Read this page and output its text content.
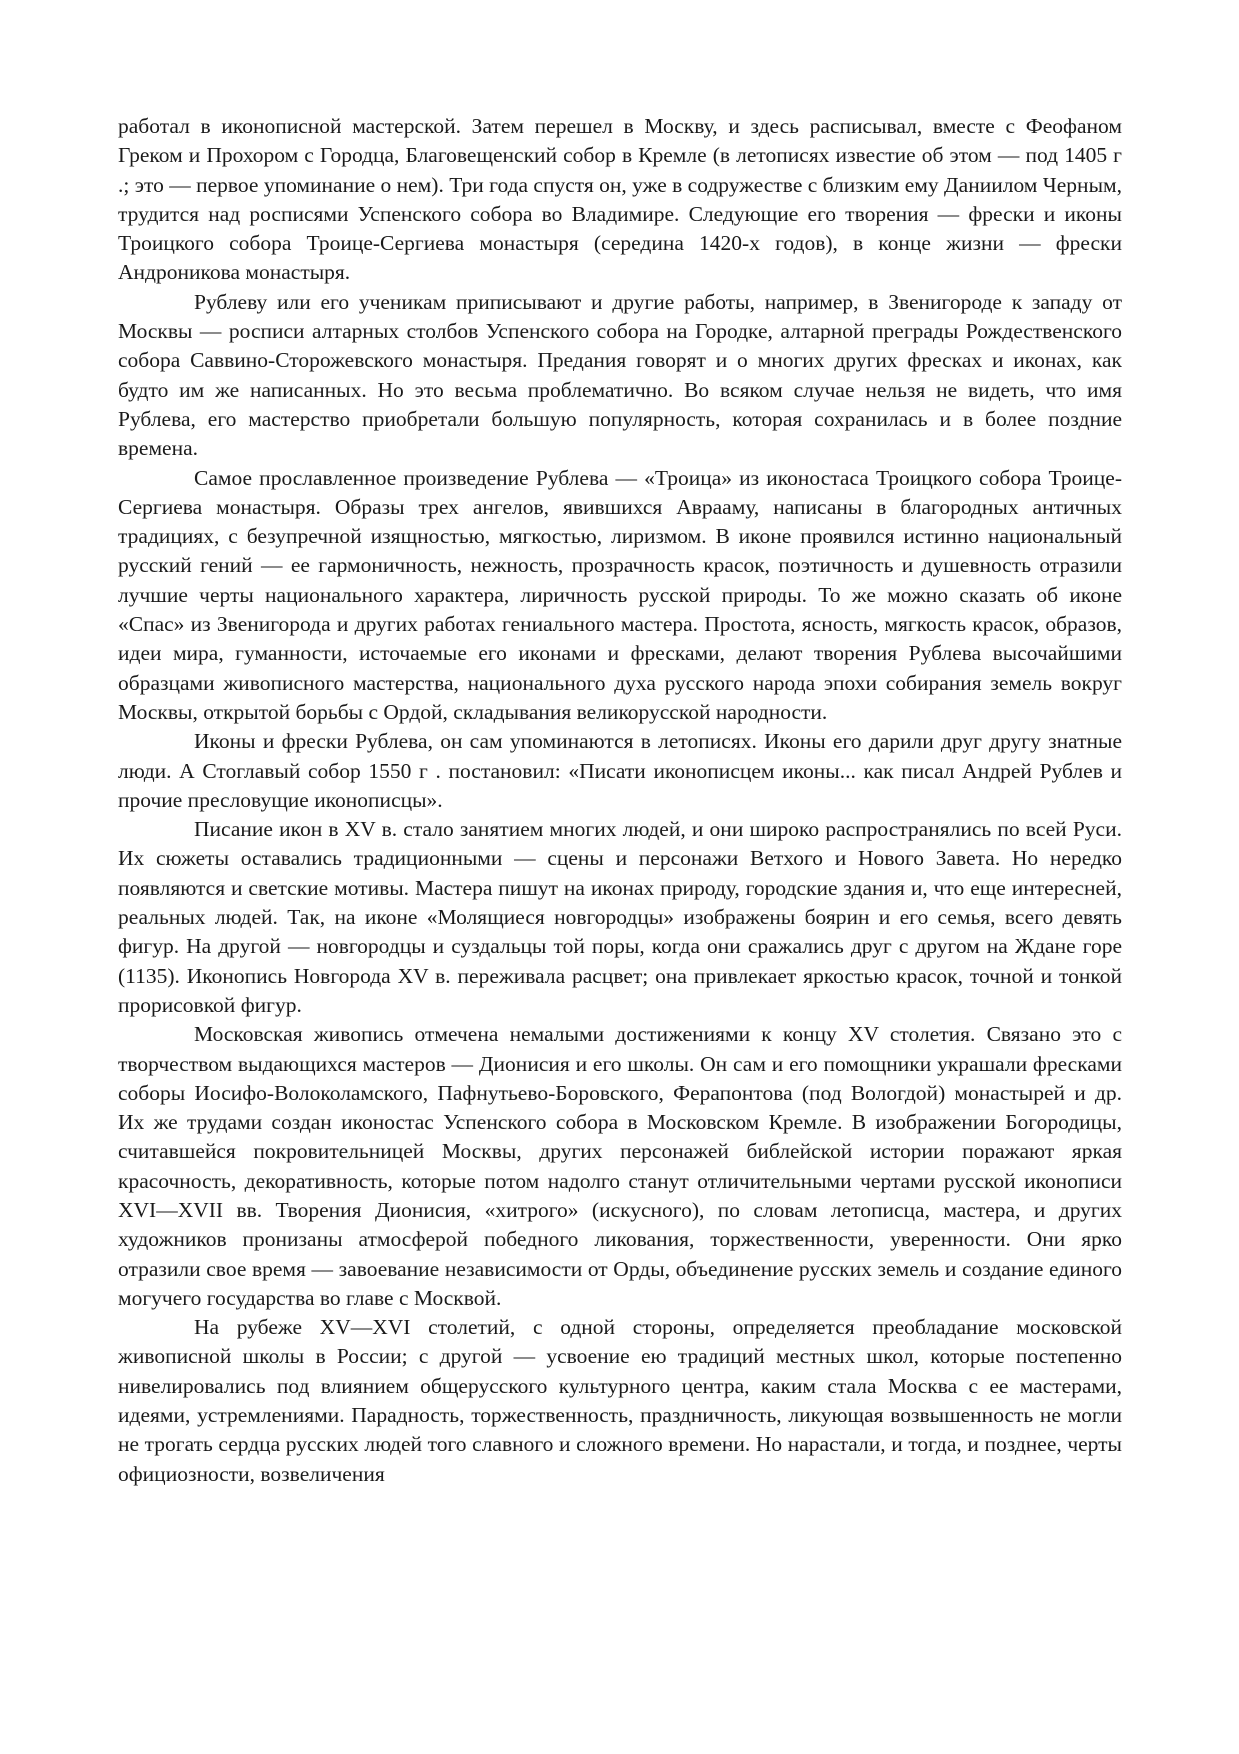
работал в иконописной мастерской. Затем перешел в Москву, и здесь расписывал, вместе с Феофаном Греком и Прохором с Городца, Благовещенский собор в Кремле (в летописях известие об этом — под 1405 г .; это — первое упоминание о нем). Три года спустя он, уже в содружестве с близким ему Даниилом Черным, трудится над росписями Успенского собора во Владимире. Следующие его творения — фрески и иконы Троицкого собора Троице-Сергиева монастыря (середина 1420-х годов), в конце жизни — фрески Андроникова монастыря.

Рублеву или его ученикам приписывают и другие работы, например, в Звенигороде к западу от Москвы — росписи алтарных столбов Успенского собора на Городке, алтарной преграды Рождественского собора Саввино-Сторожевского монастыря. Предания говорят и о многих других фресках и иконах, как будто им же написанных. Но это весьма проблематично. Во всяком случае нельзя не видеть, что имя Рублева, его мастерство приобретали большую популярность, которая сохранилась и в более поздние времена.

Самое прославленное произведение Рублева — «Троица» из иконостаса Троицкого собора Троице-Сергиева монастыря. Образы трех ангелов, явившихся Аврааму, написаны в благородных античных традициях, с безупречной изящностью, мягкостью, лиризмом. В иконе проявился истинно национальный русский гений — ее гармоничность, нежность, прозрачность красок, поэтичность и душевность отразили лучшие черты национального характера, лиричность русской природы. То же можно сказать об иконе «Спас» из Звенигорода и других работах гениального мастера. Простота, ясность, мягкость красок, образов, идеи мира, гуманности, источаемые его иконами и фресками, делают творения Рублева высочайшими образцами живописного мастерства, национального духа русского народа эпохи собирания земель вокруг Москвы, открытой борьбы с Ордой, складывания великорусской народности.

Иконы и фрески Рублева, он сам упоминаются в летописях. Иконы его дарили друг другу знатные люди. А Стоглавый собор 1550 г . постановил: «Писати иконописцем иконы... как писал Андрей Рублев и прочие пресловущие иконописцы».

Писание икон в XV в. стало занятием многих людей, и они широко распространялись по всей Руси. Их сюжеты оставались традиционными — сцены и персонажи Ветхого и Нового Завета. Но нередко появляются и светские мотивы. Мастера пишут на иконах природу, городские здания и, что еще интересней, реальных людей. Так, на иконе «Молящиеся новгородцы» изображены боярин и его семья, всего девять фигур. На другой — новгородцы и суздальцы той поры, когда они сражались друг с другом на Ждане горе (1135). Иконопись Новгорода XV в. переживала расцвет; она привлекает яркостью красок, точной и тонкой прорисовкой фигур.

Московская живопись отмечена немалыми достижениями к концу XV столетия. Связано это с творчеством выдающихся мастеров — Дионисия и его школы. Он сам и его помощники украшали фресками соборы Иосифо-Волоколамского, Пафнутьево-Боровского, Ферапонтова (под Вологдой) монастырей и др. Их же трудами создан иконостас Успенского собора в Московском Кремле. В изображении Богородицы, считавшейся покровительницей Москвы, других персонажей библейской истории поражают яркая красочность, декоративность, которые потом надолго станут отличительными чертами русской иконописи XVI—XVII вв. Творения Дионисия, «хитрого» (искусного), по словам летописца, мастера, и других художников пронизаны атмосферой победного ликования, торжественности, уверенности. Они ярко отразили свое время — завоевание независимости от Орды, объединение русских земель и создание единого могучего государства во главе с Москвой.

На рубеже XV—XVI столетий, с одной стороны, определяется преобладание московской живописной школы в России; с другой — усвоение ею традиций местных школ, которые постепенно нивелировались под влиянием общерусского культурного центра, каким стала Москва с ее мастерами, идеями, устремлениями. Парадность, торжественность, праздничность, ликующая возвышенность не могли не трогать сердца русских людей того славного и сложного времени. Но нарастали, и тогда, и позднее, черты официозности, возвеличения
